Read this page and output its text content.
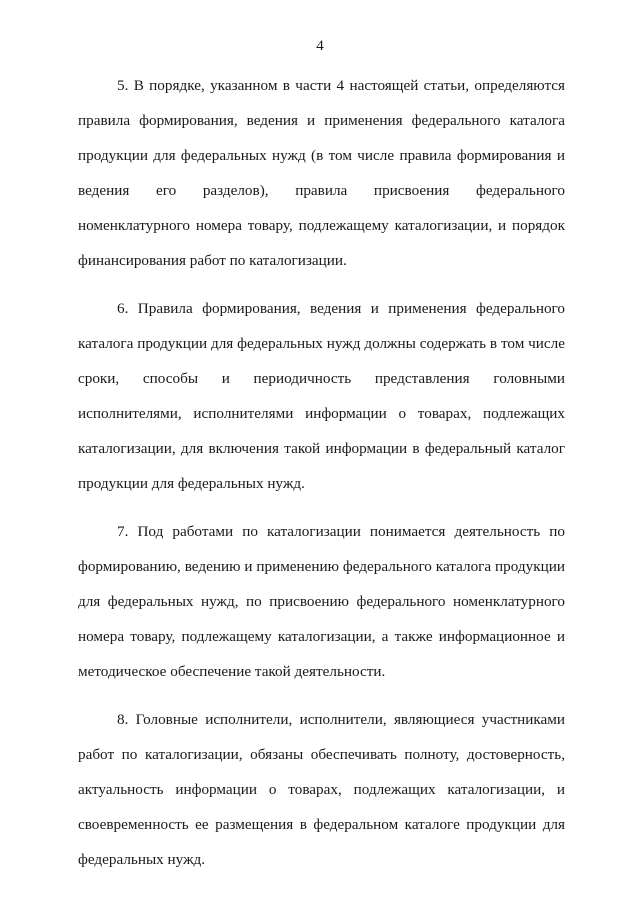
4

5. В порядке, указанном в части 4 настоящей статьи, определяются правила формирования, ведения и применения федерального каталога продукции для федеральных нужд (в том числе правила формирования и ведения его разделов), правила присвоения федерального номенклатурного номера товару, подлежащему каталогизации, и порядок финансирования работ по каталогизации.

6. Правила формирования, ведения и применения федерального каталога продукции для федеральных нужд должны содержать в том числе сроки, способы и периодичность представления головными исполнителями, исполнителями информации о товарах, подлежащих каталогизации, для включения такой информации в федеральный каталог продукции для федеральных нужд.

7. Под работами по каталогизации понимается деятельность по формированию, ведению и применению федерального каталога продукции для федеральных нужд, по присвоению федерального номенклатурного номера товару, подлежащему каталогизации, а также информационное и методическое обеспечение такой деятельности.

8. Головные исполнители, исполнители, являющиеся участниками работ по каталогизации, обязаны обеспечивать полноту, достоверность, актуальность информации о товарах, подлежащих каталогизации, и своевременность ее размещения в федеральном каталоге продукции для федеральных нужд.
